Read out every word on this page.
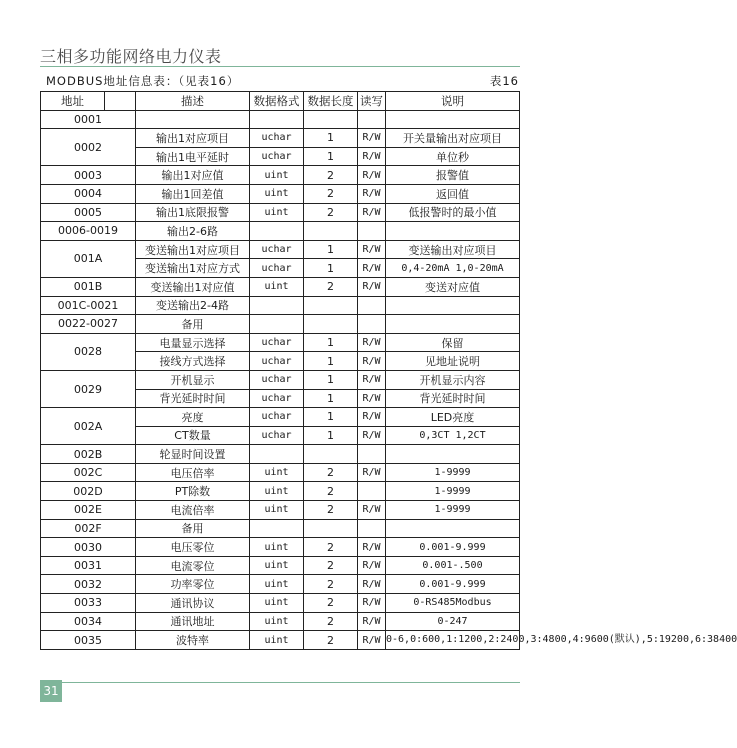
三相多功能网络电力仪表
MODBUS地址信息表：（见表16）	表16
地址		描述	数据格式	数据长度	读写	说明
0001						
0002		输出1对应项目	uchar	1	R/W	开关量输出对应项目
		输出1电平延时	uchar	1	R/W	单位秒
0003		输出1对应值	uint	2	R/W	报警值
0004		输出1回差值	uint	2	R/W	返回值
0005		输出1底限报警	uint	2	R/W	低报警时的最小值
0006-0019		输出2-6路				
001A		变送输出1对应项目	uchar	1	R/W	变送输出对应项目
		变送输出1对应方式	uchar	1	R/W	0,4-20mA 1,0-20mA
001B		变送输出1对应值	uint	2	R/W	变送对应值
001C-0021		变送输出2-4路				
0022-0027		备用				
0028		电量显示选择	uchar	1	R/W	保留
		接线方式选择	uchar	1	R/W	见地址说明
0029		开机显示	uchar	1	R/W	开机显示内容
		背光延时时间	uchar	1	R/W	背光延时时间
002A		亮度	uchar	1	R/W	LED亮度
		CT数量	uchar	1	R/W	0,3CT 1,2CT
002B		轮显时间设置				
002C		电压倍率	uint	2	R/W	1-9999
002D		PT除数	uint	2		1-9999
002E		电流倍率	uint	2	R/W	1-9999
002F		备用				
0030		电压零位	uint	2	R/W	0.001-9.999
0031		电流零位	uint	2	R/W	0.001-.500
0032		功率零位	uint	2	R/W	0.001-9.999
0033		通讯协议	uint	2	R/W	0-RS485Modbus
0034		通讯地址	uint	2	R/W	0-247
0035		波特率	uint	2	R/W	0-6,0:600,1:1200,2:2400,3:4800,4:9600(默认),5:19200,6:38400
31
